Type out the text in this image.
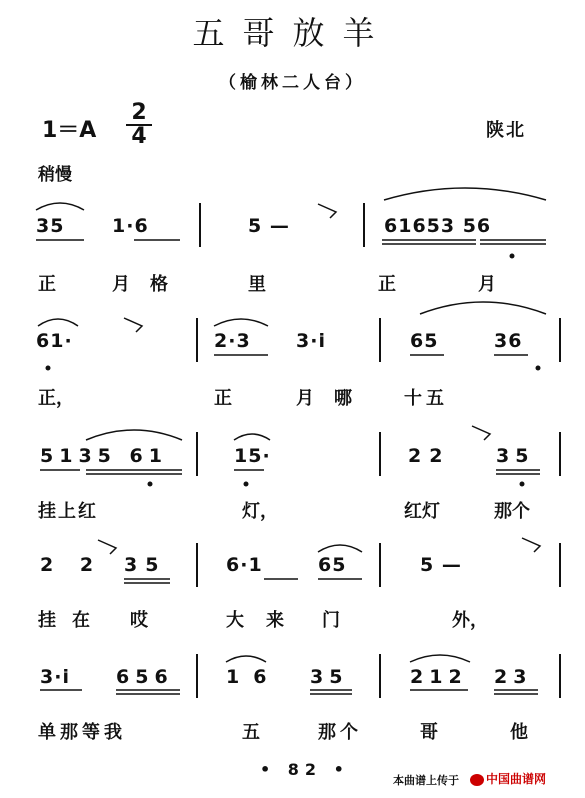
五哥放羊
（榆林二人台）
1＝A
2
4	陕北
稍慢
35	1·6	5 —	61653 56
正	月格	里	正	月
61·	2·3 3·i	65	36
正，	正	月哪 十五
5135 61	15·	22 35
挂上红	灯，	红灯	那个
2 2 35	6·1	65	5 —
挂在 哎	大来 门	外，
3·i 656	16 35	212 23
单那等我	五	那个	哥	他
• 82 •
本曲谱上传于	中国曲谱网
